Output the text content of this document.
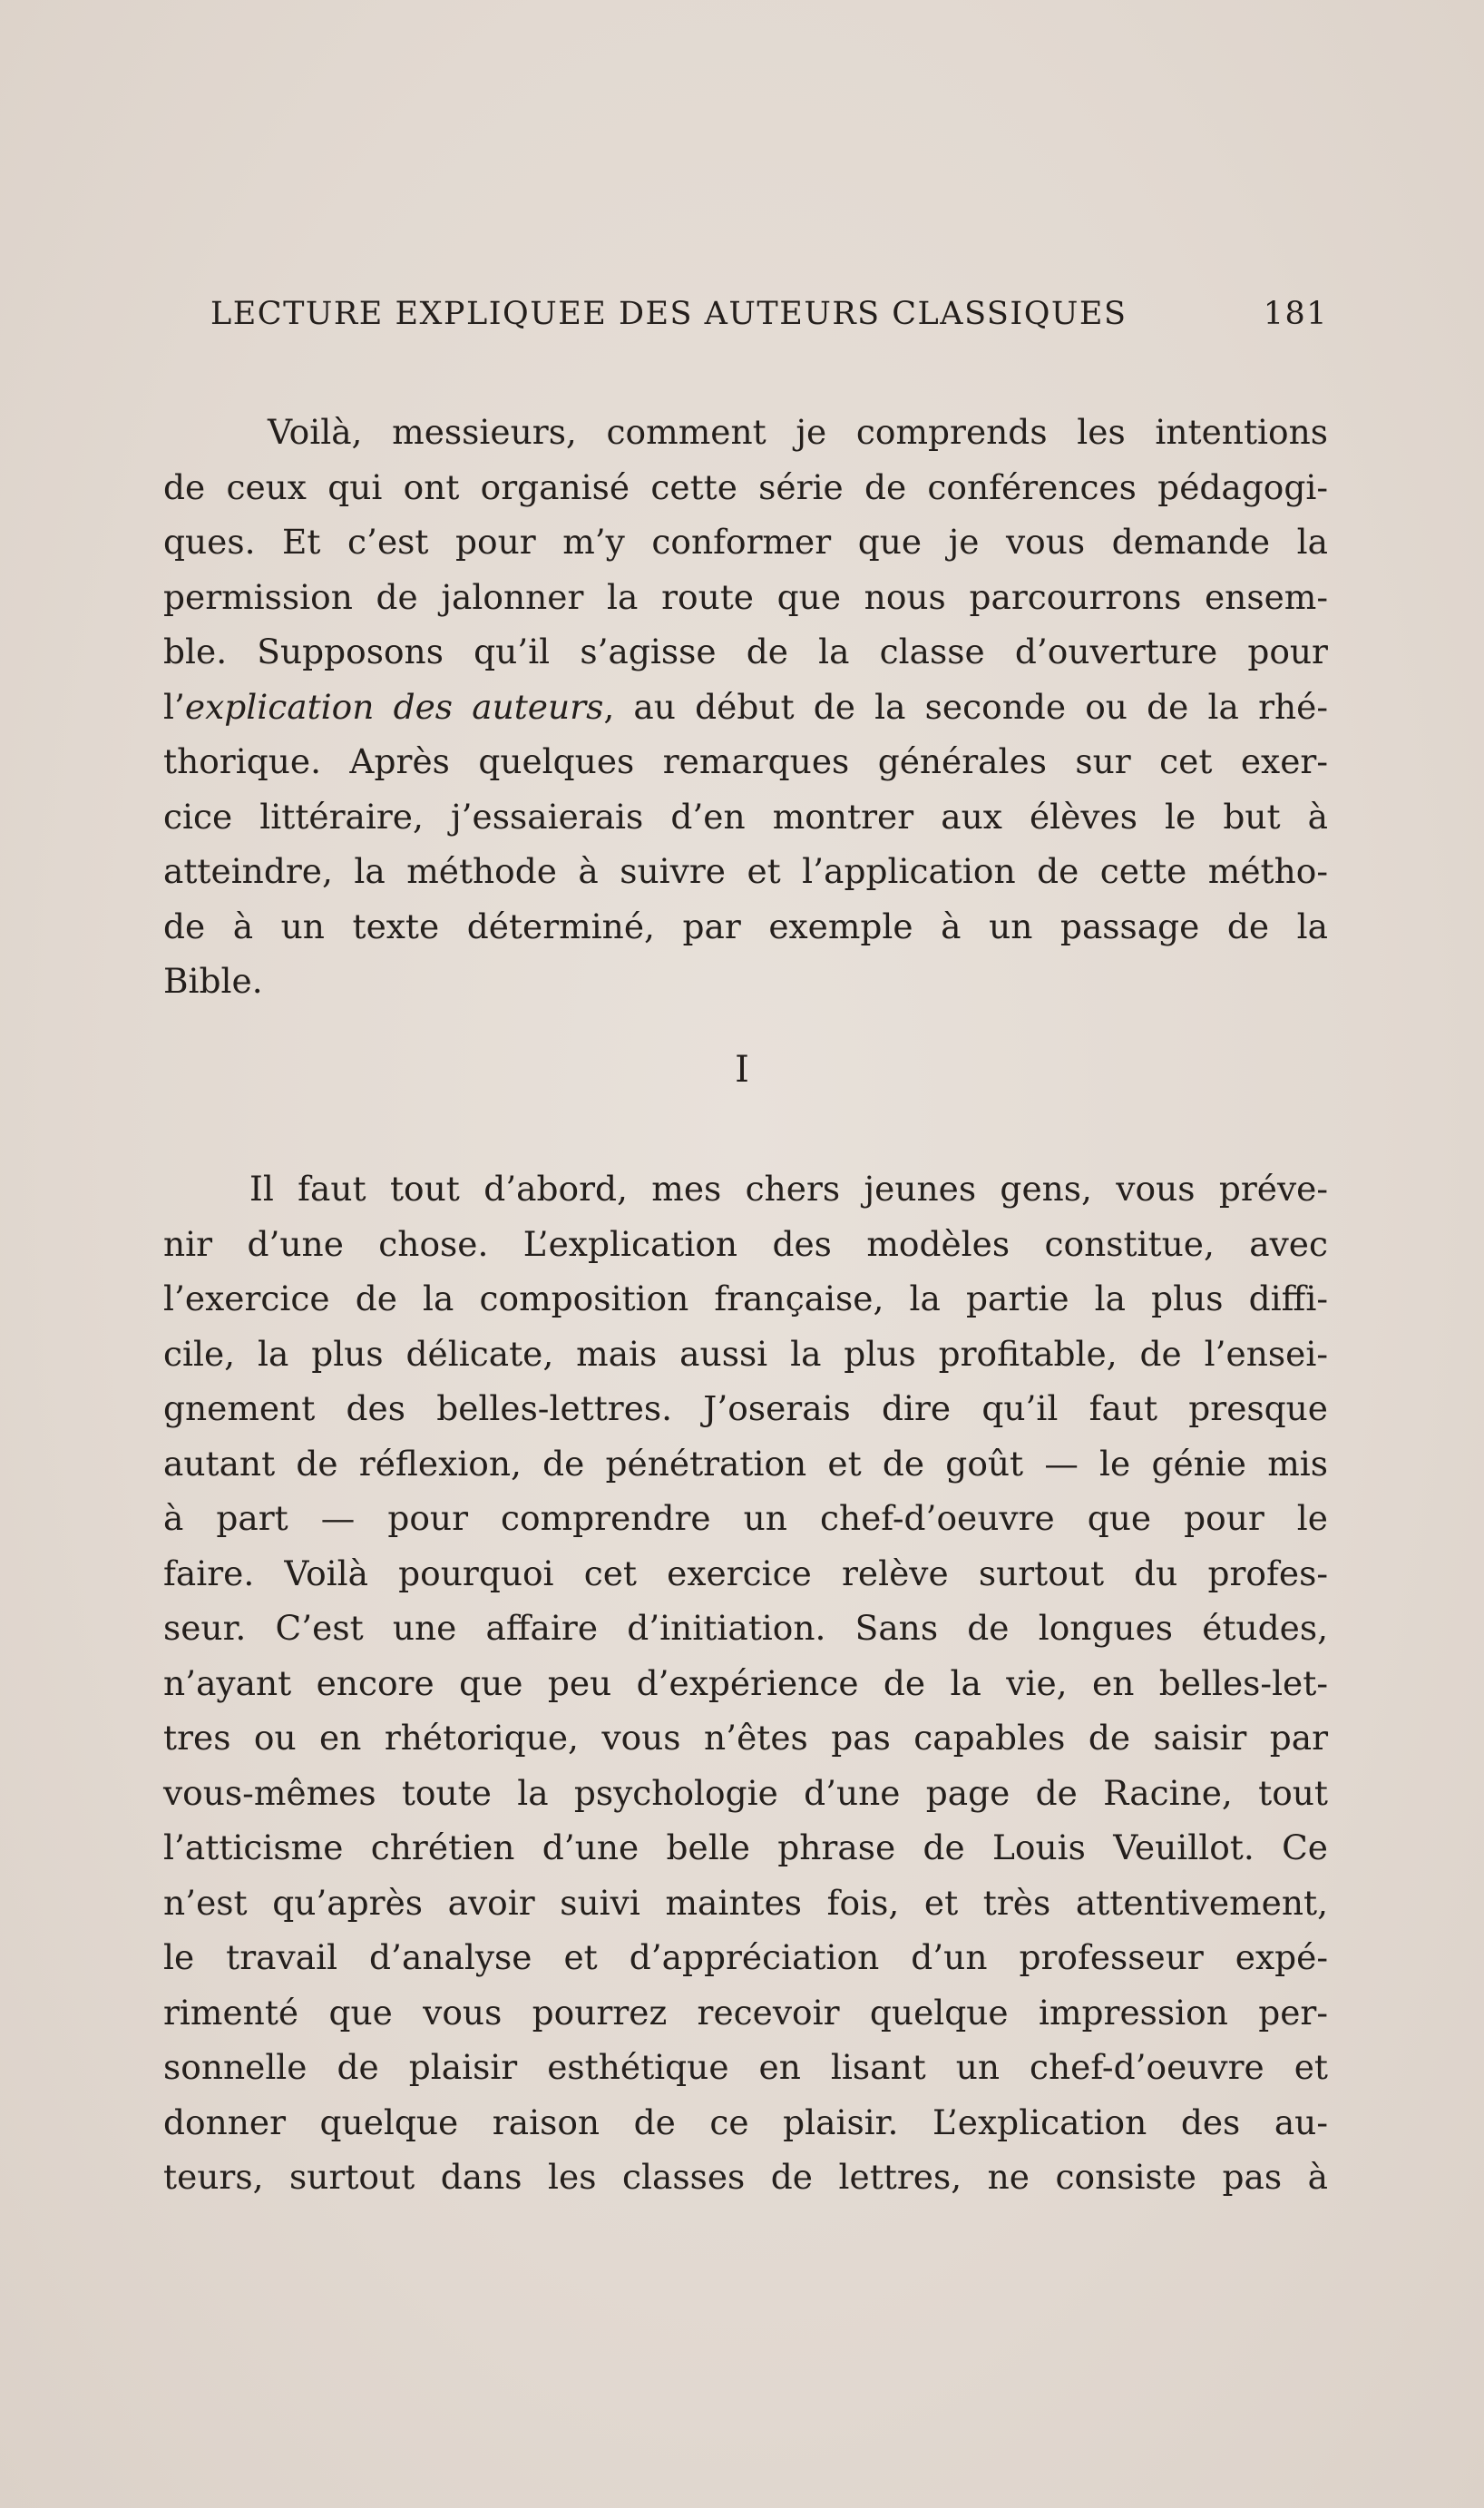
LECTURE EXPLIQUEE DES AUTEURS CLASSIQUES	181
Voilà, messieurs, comment je comprends les intentions
de ceux qui ont organisé cette série de conférences pédagogi-
ques. Et c’est pour m’y conformer que je vous demande la
permission de jalonner la route que nous parcourrons ensem-
ble. Supposons qu’il s’agisse de la classe d’ouverture pour
l’explication des auteurs, au début de la seconde ou de la rhé-
thorique. Après quelques remarques générales sur cet exer-
cice littéraire, j’essaierais d’en montrer aux élèves le but à
atteindre, la méthode à suivre et l’application de cette métho-
de à un texte déterminé, par exemple à un passage de la
Bible.
I
Il faut tout d’abord, mes chers jeunes gens, vous préve-
nir d’une chose. L’explication des modèles constitue, avec
l’exercice de la composition française, la partie la plus diffi-
cile, la plus délicate, mais aussi la plus profitable, de l’ensei-
gnement des belles-lettres. J’oserais dire qu’il faut presque
autant de réflexion, de pénétration et de goût — le génie mis
à part — pour comprendre un chef-d’oeuvre que pour le
faire. Voilà pourquoi cet exercice relève surtout du profes-
seur. C’est une affaire d’initiation. Sans de longues études,
n’ayant encore que peu d’expérience de la vie, en belles-let-
tres ou en rhétorique, vous n’êtes pas capables de saisir par
vous-mêmes toute la psychologie d’une page de Racine, tout
l’atticisme chrétien d’une belle phrase de Louis Veuillot. Ce
n’est qu’après avoir suivi maintes fois, et très attentivement,
le travail d’analyse et d’appréciation d’un professeur expé-
rimenté que vous pourrez recevoir quelque impression per-
sonnelle de plaisir esthétique en lisant un chef-d’oeuvre et
donner quelque raison de ce plaisir. L’explication des au-
teurs, surtout dans les classes de lettres, ne consiste pas à
